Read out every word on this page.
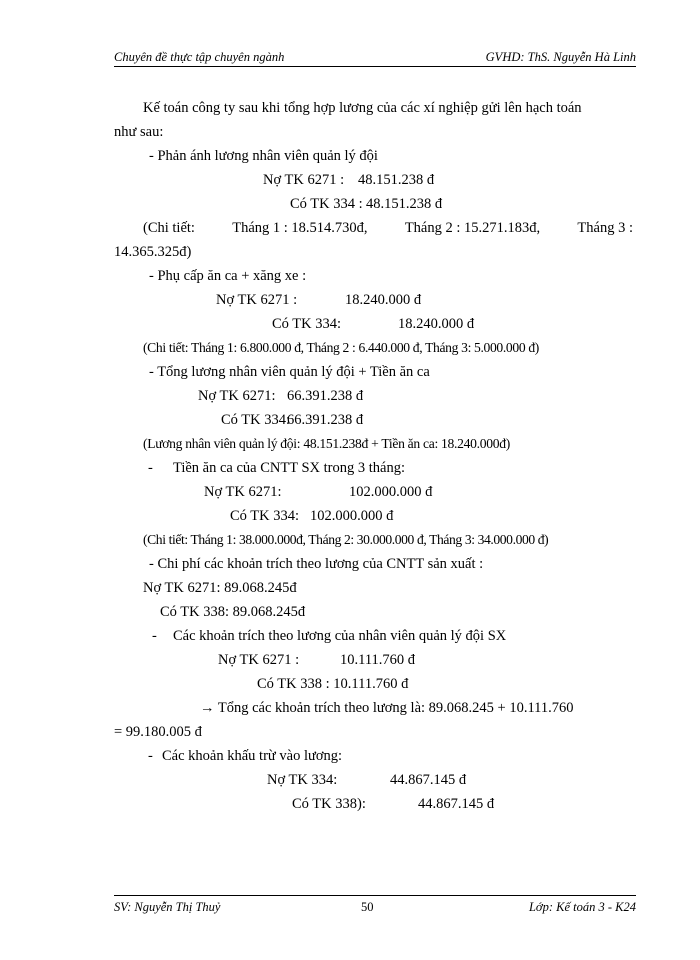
Chuyên đề thực tập chuyên ngành	GVHD: ThS. Nguyễn Hà Linh
Kế toán công ty sau khi tổng hợp lương của các xí nghiệp gửi lên hạch toán
như sau:
- Phản ánh lương nhân viên quản lý đội
Nợ TK 6271 : 48.151.238 đ
Có TK 334 : 48.151.238 đ
(Chi tiết:	Tháng 1 : 18.514.730đ,	Tháng 2 : 15.271.183đ,	Tháng 3 :
14.365.325đ)
- Phụ cấp ăn ca + xăng xe :
Nợ TK 6271 :	18.240.000 đ
Có TK 334:	18.240.000 đ
(Chi tiết: Tháng 1: 6.800.000 đ, Tháng 2 : 6.440.000 đ, Tháng 3: 5.000.000 đ)
- Tổng lương nhân viên quản lý đội + Tiền ăn ca
Nợ TK 6271: 66.391.238 đ
Có TK 334:
66.391.238 đ
(Lương nhân viên quản lý đội: 48.151.238đ + Tiền ăn ca: 18.240.000đ)
- Tiền ăn ca của CNTT SX trong 3 tháng:
Nợ TK 6271:	102.000.000 đ
Có TK 334: 102.000.000 đ
(Chi tiết: Tháng 1: 38.000.000đ, Tháng 2: 30.000.000 đ, Tháng 3: 34.000.000 đ)
- Chi phí các khoản trích theo lương của CNTT sản xuất :
Nợ TK 6271: 89.068.245đ
Có TK 338: 89.068.245đ
- Các khoản trích theo lương của nhân viên quản lý đội SX
Nợ TK 6271 :	10.111.760 đ
Có TK 338 : 10.111.760 đ
→ Tổng các khoản trích theo lương là: 89.068.245 + 10.111.760
= 99.180.005 đ
- Các khoản khấu trừ vào lương:
Nợ TK 334:	44.867.145 đ
Có TK 338):	44.867.145 đ
SV: Nguyễn Thị Thuỷ	50	Lớp: Kế toán 3 - K24
